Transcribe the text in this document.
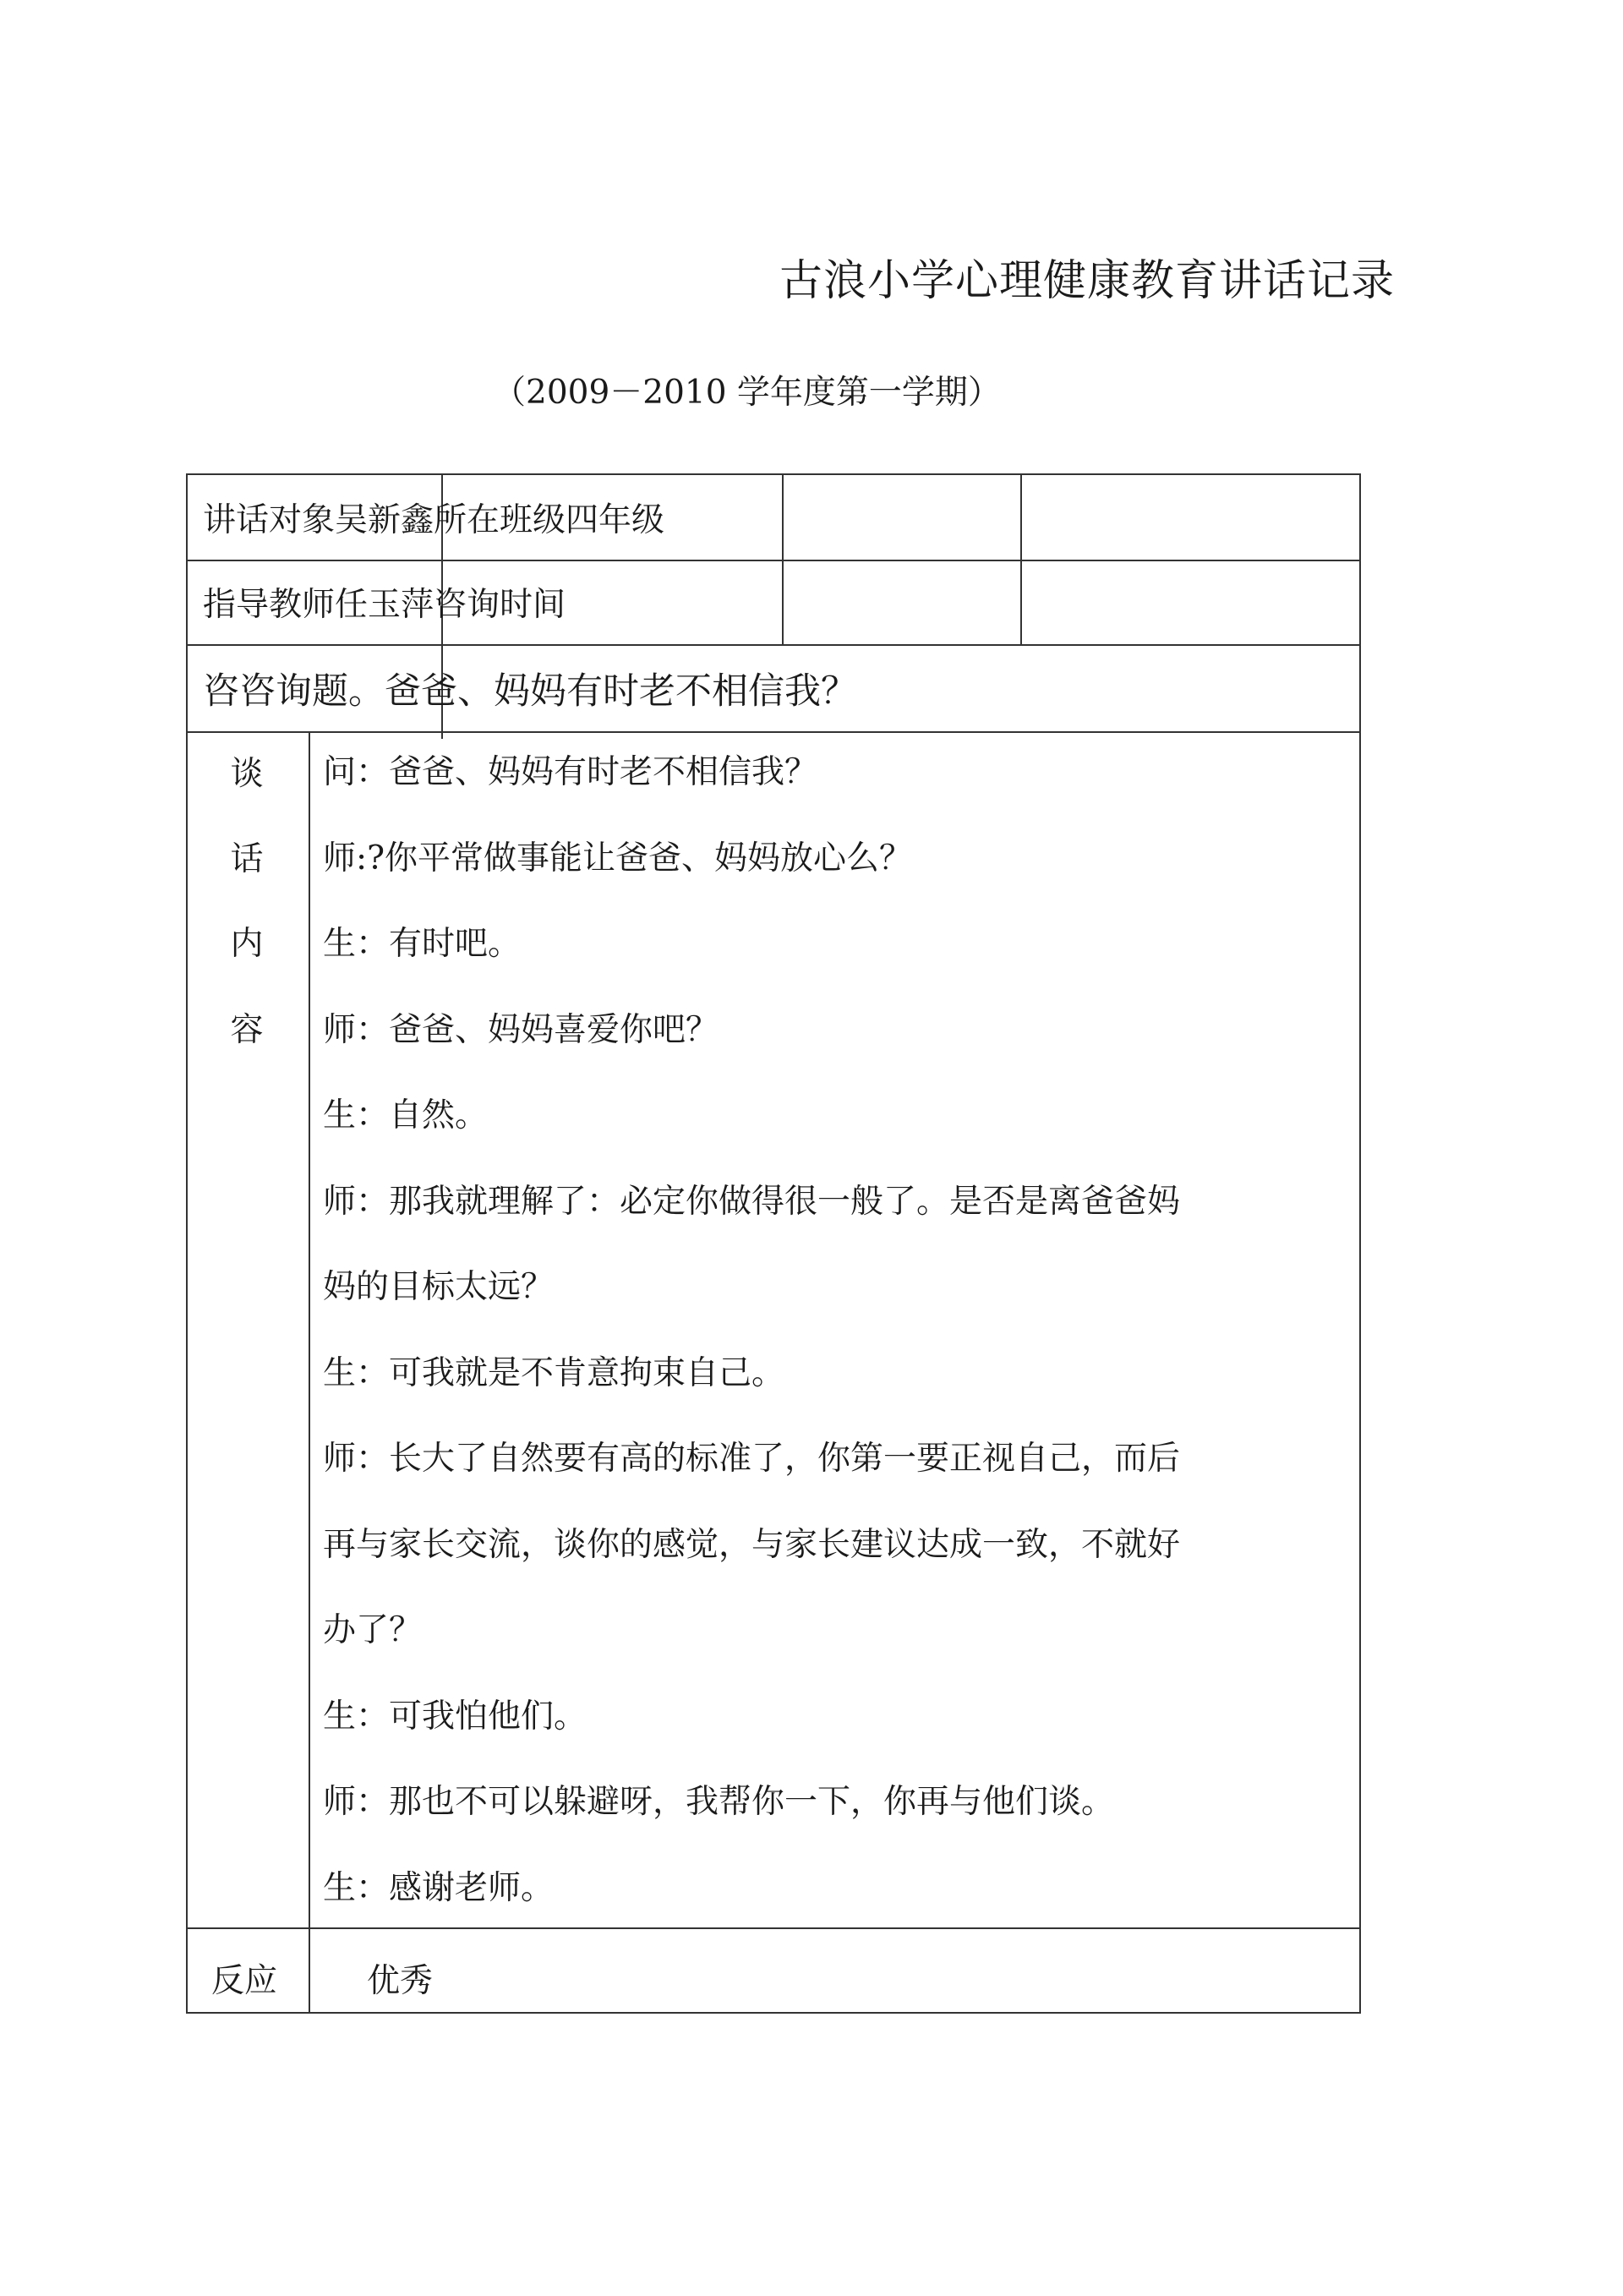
古浪小学心理健康教育讲话记录
（2009－2010 学年度第一学期）
讲话对象吴新鑫所在班级四年级
指导教师任玉萍咨询时间
咨咨询题。爸爸、妈妈有时老不相信我？
谈
话
内
容
问：爸爸、妈妈有时老不相信我？
师:?你平常做事能让爸爸、妈妈放心么？
生：有时吧。
师：爸爸、妈妈喜爱你吧？
生：自然。
师：那我就理解了：必定你做得很一般了。是否是离爸爸妈
妈的目标太远？
生：可我就是不肯意拘束自己。
师：长大了自然要有高的标准了，你第一要正视自己，而后
再与家长交流，谈你的感觉，与家长建议达成一致，不就好
办了？
生：可我怕他们。
师：那也不可以躲避呀，我帮你一下，你再与他们谈。
生：感谢老师。
反应	优秀
